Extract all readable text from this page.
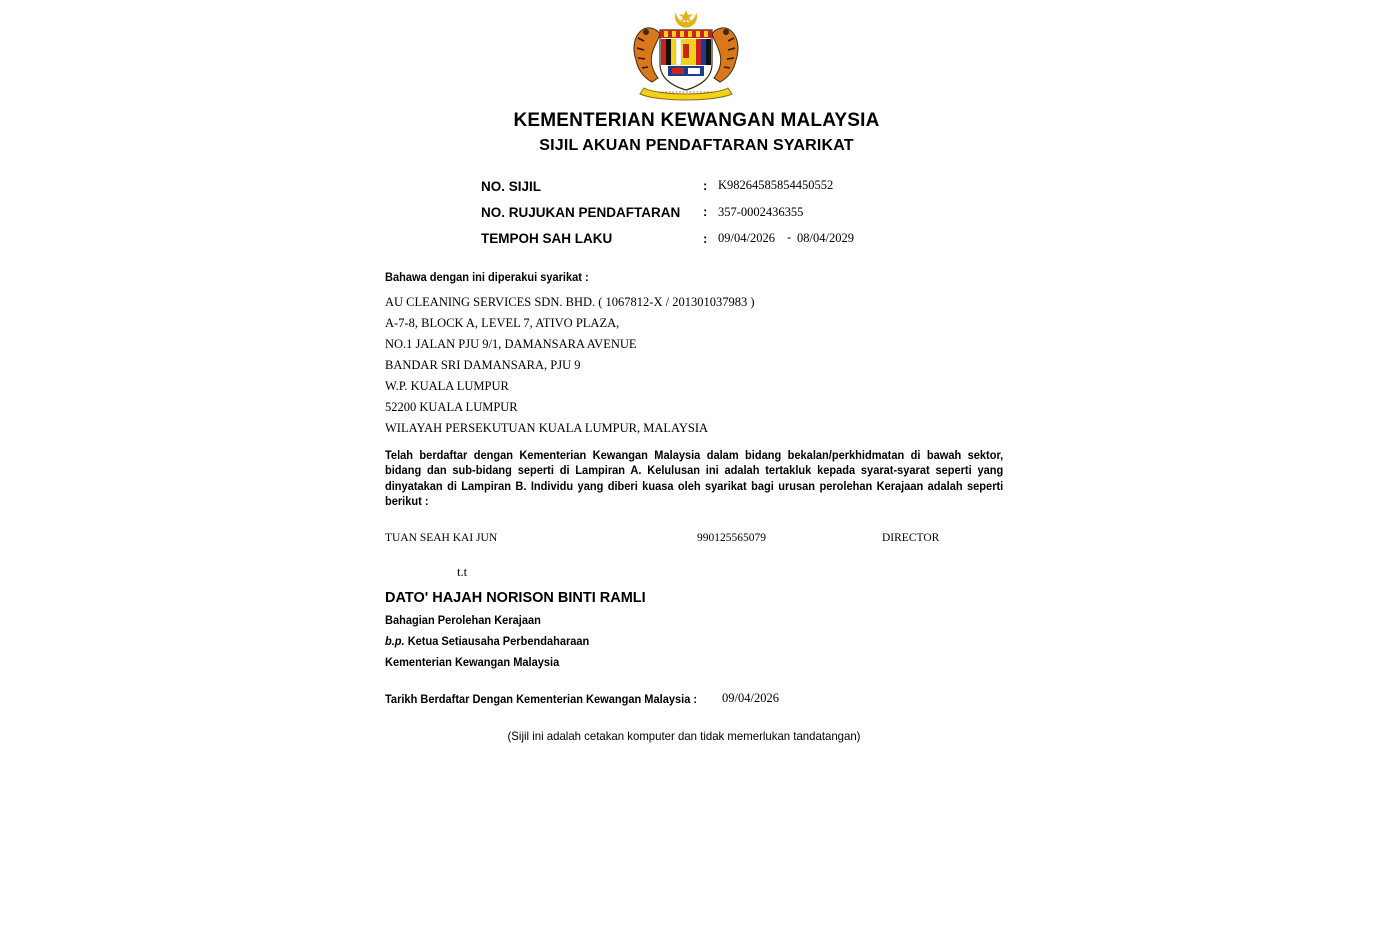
KEMENTERIAN KEWANGAN MALAYSIA
SIJIL AKUAN PENDAFTARAN SYARIKAT
NO. SIJIL	: K98264585854450552
NO. RUJUKAN PENDAFTARAN : 357-0002436355
TEMPOH SAH LAKU	: 09/04/2026 - 08/04/2029
Bahawa dengan ini diperakui syarikat :
AU CLEANING SERVICES SDN. BHD. ( 1067812-X / 201301037983 )
A-7-8, BLOCK A, LEVEL 7, ATIVO PLAZA,
NO.1 JALAN PJU 9/1, DAMANSARA AVENUE
BANDAR SRI DAMANSARA, PJU 9
W.P. KUALA LUMPUR
52200 KUALA LUMPUR
WILAYAH PERSEKUTUAN KUALA LUMPUR, MALAYSIA
Telah berdaftar dengan Kementerian Kewangan Malaysia dalam bidang bekalan/perkhidmatan di bawah sektor, bidang dan sub-bidang seperti di Lampiran A. Kelulusan ini adalah tertakluk kepada syarat-syarat seperti yang dinyatakan di Lampiran B. Individu yang diberi kuasa oleh syarikat bagi urusan perolehan Kerajaan adalah seperti berikut :
TUAN SEAH KAI JUN	990125565079	DIRECTOR
t.t
DATO' HAJAH NORISON BINTI RAMLI
Bahagian Perolehan Kerajaan
b.p. Ketua Setiausaha Perbendaharaan
Kementerian Kewangan Malaysia
Tarikh Berdaftar Dengan Kementerian Kewangan Malaysia : 09/04/2026
(Sijil ini adalah cetakan komputer dan tidak memerlukan tandatangan)
